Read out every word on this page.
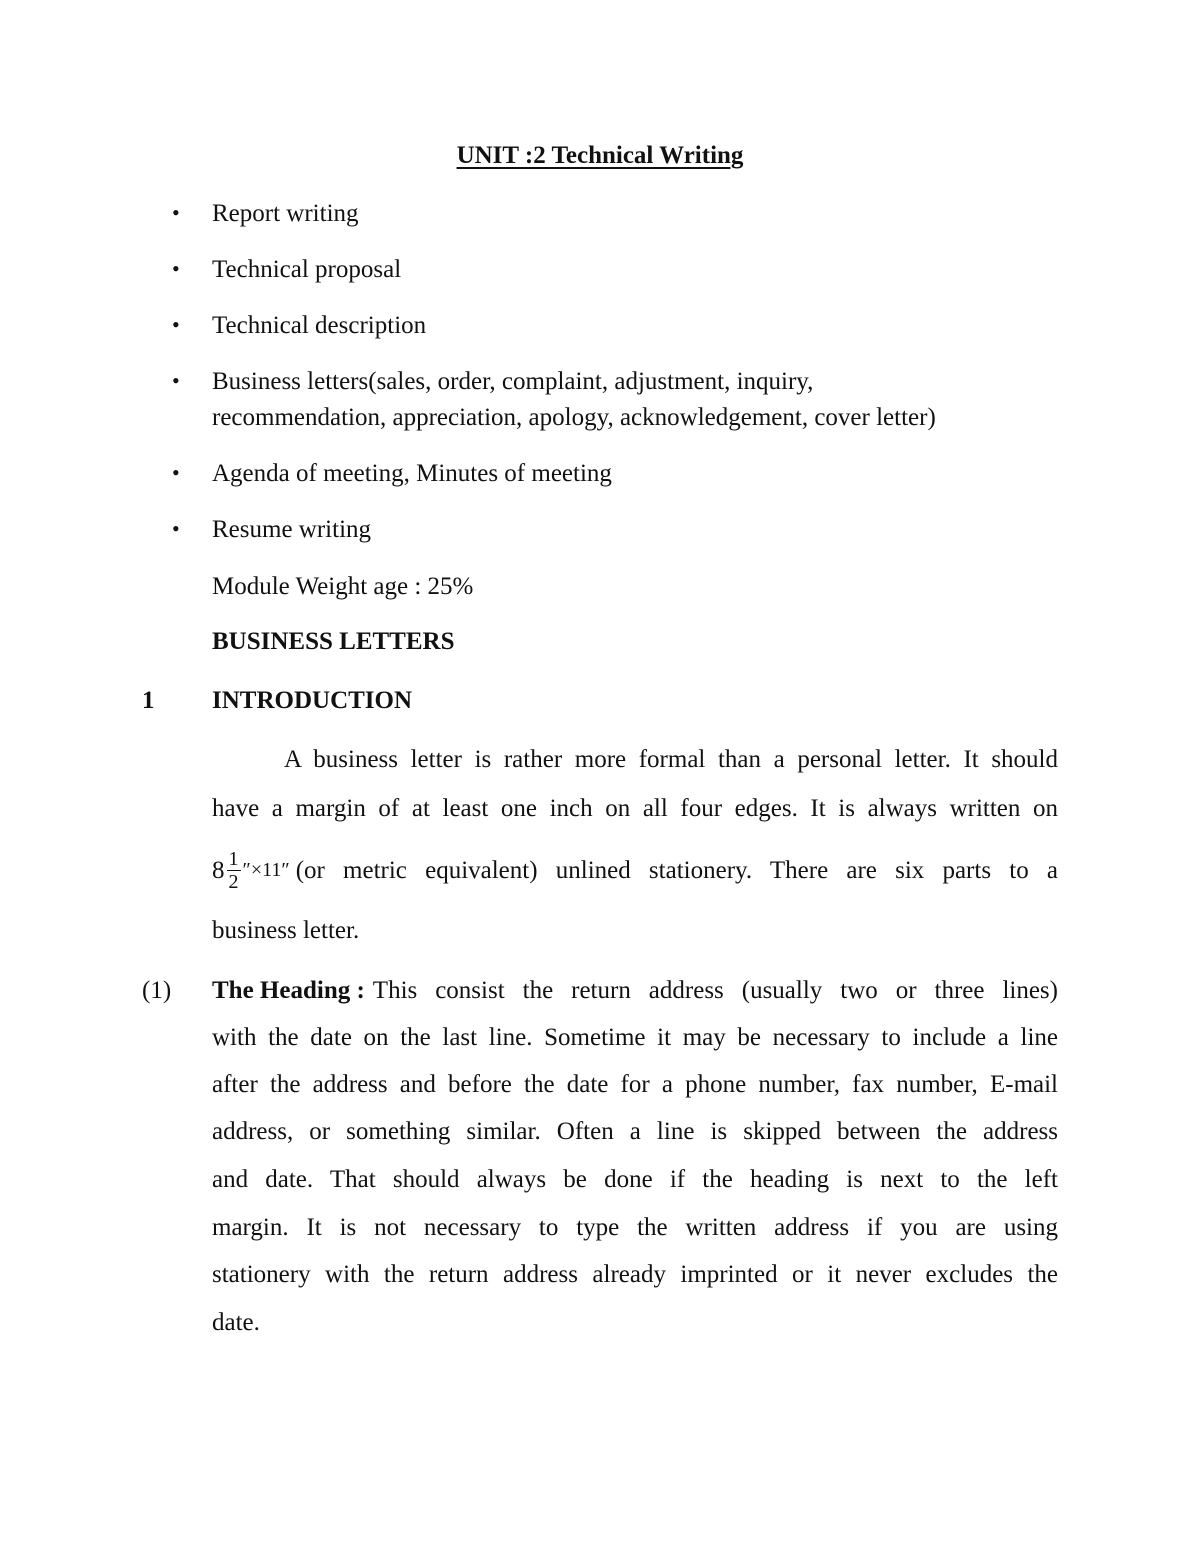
UNIT :2 Technical Writing
• Report writing
• Technical proposal
• Technical description
• Business letters(sales, order, complaint, adjustment, inquiry,
recommendation, appreciation, apology, acknowledgement, cover letter)
• Agenda of meeting, Minutes of meeting
• Resume writing
Module Weight age : 25%
BUSINESS LETTERS
1 INTRODUCTION
A business letter is rather more formal than a personal letter. It should
have a margin of at least one inch on all four edges. It is always written on
$8 \frac{1}{2} ''\times 11''$ (or metric equivalent) unlined stationery. There are six parts to a
business letter.
(1) The Heading : This consist the return address (usually two or three lines)
with the date on the last line. Sometime it may be necessary to include a line
after the address and before the date for a phone number, fax number, E-mail
address, or something similar. Often a line is skipped between the address
and date. That should always be done if the heading is next to the left
margin. It is not necessary to type the written address if you are using
stationery with the return address already imprinted or it never excludes the
date.
